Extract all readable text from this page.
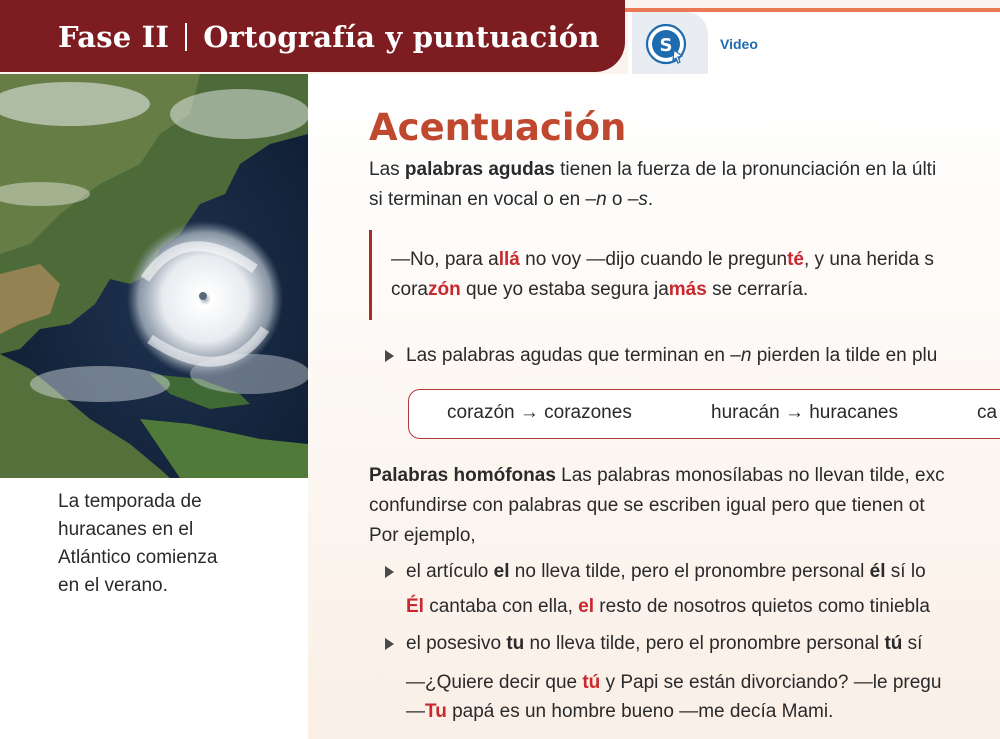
Fase II Ortografía y puntuación	S	Video
La temporada de
huracanes en el
Atlántico comienza
en el verano.
Acentuación
Las palabras agudas tienen la fuerza de la pronunciación en la últi
si terminan en vocal o en –n o –s.
—No, para allá no voy —dijo cuando le pregunté, y una herida s
corazón que yo estaba segura jamás se cerraría.
Las palabras agudas que terminan en –n pierden la tilde en plu
corazón → corazones	huracán → huracanes	ca
Palabras homófonas Las palabras monosílabas no llevan tilde, exc
confundirse con palabras que se escriben igual pero que tienen ot
Por ejemplo,
el artículo el no lleva tilde, pero el pronombre personal él sí lo
Él cantaba con ella, el resto de nosotros quietos como tiniebla
el posesivo tu no lleva tilde, pero el pronombre personal tú sí
—¿Quiere decir que tú y Papi se están divorciando? —le pregu
—Tu papá es un hombre bueno —me decía Mami.
